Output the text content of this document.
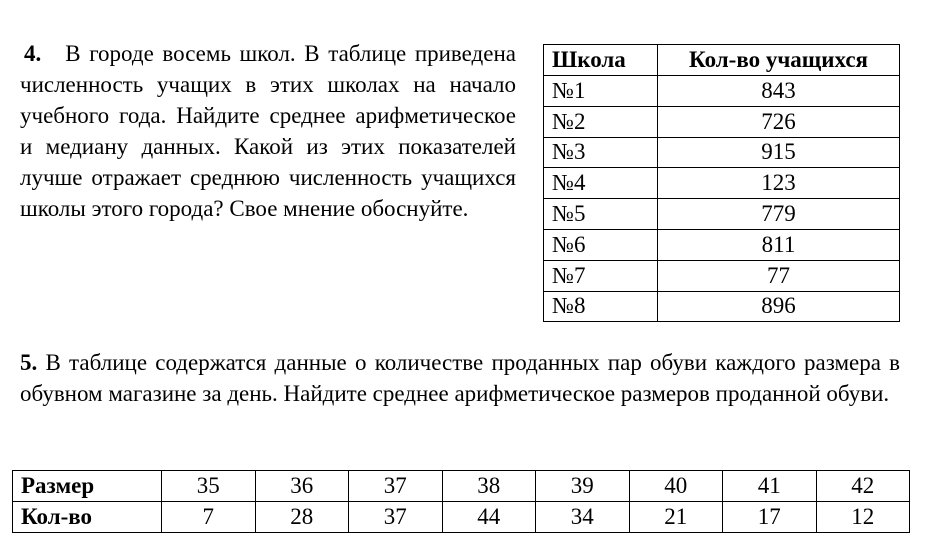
4. В городе восемь школ. В таблице приведена численность учащих в этих школах на начало учебного года. Найдите среднее арифметическое и медиану данных. Какой из этих показателей лучше отражает среднюю численность учащихся школы этого города? Свое мнение обоснуйте.
Школа	Кол-во учащихся
№1	843
№2	726
№3	915
№4	123
№5	779
№6	811
№7	77
№8	896
5. В таблице содержатся данные о количестве проданных пар обуви каждого размера в обувном магазине за день. Найдите среднее арифметическое размеров проданной обуви.
Размер	35	36	37	38	39	40	41	42
Кол-во	7	28	37	44	34	21	17	12
